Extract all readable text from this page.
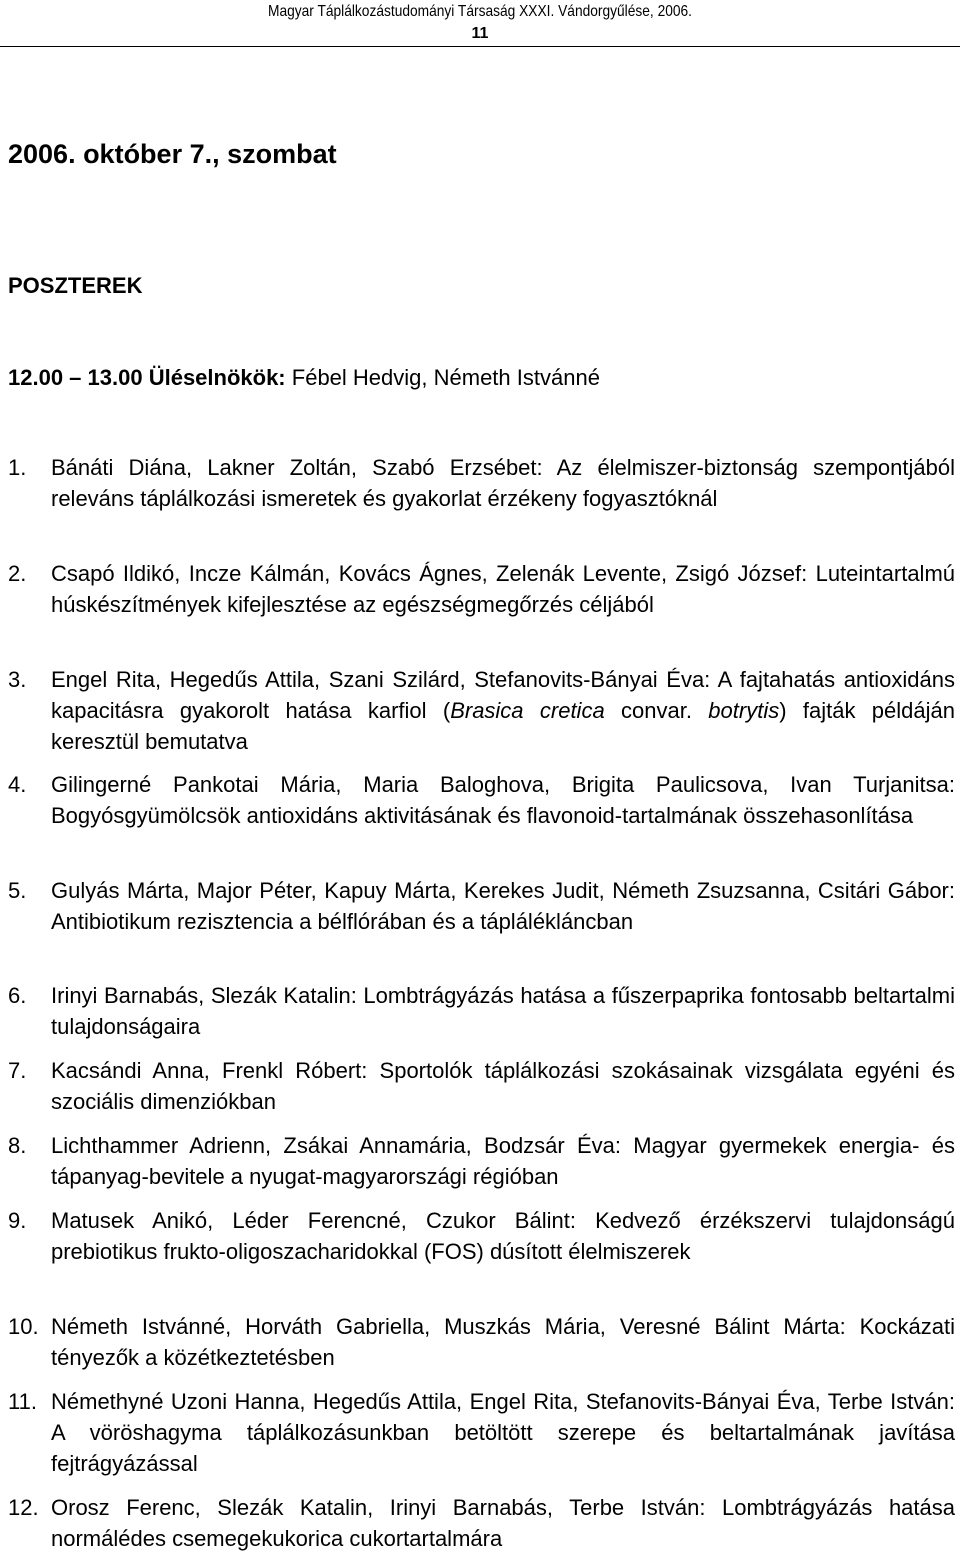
Magyar Táplálkozástudományi Társaság XXXI. Vándorgyűlése, 2006.
11
2006. október 7., szombat
POSZTEREK
12.00 – 13.00 Üléselnökök: Fébel Hedvig, Németh Istvánné
1.	Bánáti Diána, Lakner Zoltán, Szabó Erzsébet: Az élelmiszer-biztonság szempontjából releváns táplálkozási ismeretek és gyakorlat érzékeny fogyasztóknál
2.	Csapó Ildikó, Incze Kálmán, Kovács Ágnes, Zelenák Levente, Zsigó József: Luteintartalmú húskészítmények kifejlesztése az egészségmegőrzés céljából
3.	Engel Rita, Hegedűs Attila, Szani Szilárd, Stefanovits-Bányai Éva: A fajtahatás antioxidáns kapacitásra gyakorolt hatása karfiol (Brasica cretica convar. botrytis) fajták példáján keresztül bemutatva
4.	Gilingerné Pankotai Mária, Maria Baloghova, Brigita Paulicsova, Ivan Turjanitsa: Bogyósgyümölcsök antioxidáns aktivitásának és flavonoid-tartalmának összehasonlítása
5.	Gulyás Márta, Major Péter, Kapuy Márta, Kerekes Judit, Németh Zsuzsanna, Csitári Gábor: Antibiotikum rezisztencia a bélflórában és a táplálékláncban
6.	Irinyi Barnabás, Slezák Katalin: Lombtrágyázás hatása a fűszerpaprika fontosabb beltartalmi tulajdonságaira
7.	Kacsándi Anna, Frenkl Róbert: Sportolók táplálkozási szokásainak vizsgálata egyéni és szociális dimenziókban
8.	Lichthammer Adrienn, Zsákai Annamária, Bodzsár Éva: Magyar gyermekek energia- és tápanyag-bevitele a nyugat-magyarországi régióban
9.	Matusek Anikó, Léder Ferencné, Czukor Bálint: Kedvező érzékszervi tulajdonságú prebiotikus frukto-oligoszacharidokkal (FOS) dúsított élelmiszerek
10. Németh Istvánné, Horváth Gabriella, Muszkás Mária, Veresné Bálint Márta: Kockázati tényezők a közétkeztetésben
11. Némethyné Uzoni Hanna, Hegedűs Attila, Engel Rita, Stefanovits-Bányai Éva, Terbe István: A vöröshagyma táplálkozásunkban betöltött szerepe és beltartalmának javítása fejtrágyázással
12. Orosz Ferenc, Slezák Katalin, Irinyi Barnabás, Terbe István: Lombtrágyázás hatása normálédes csemegekukorica cukortartalmára
